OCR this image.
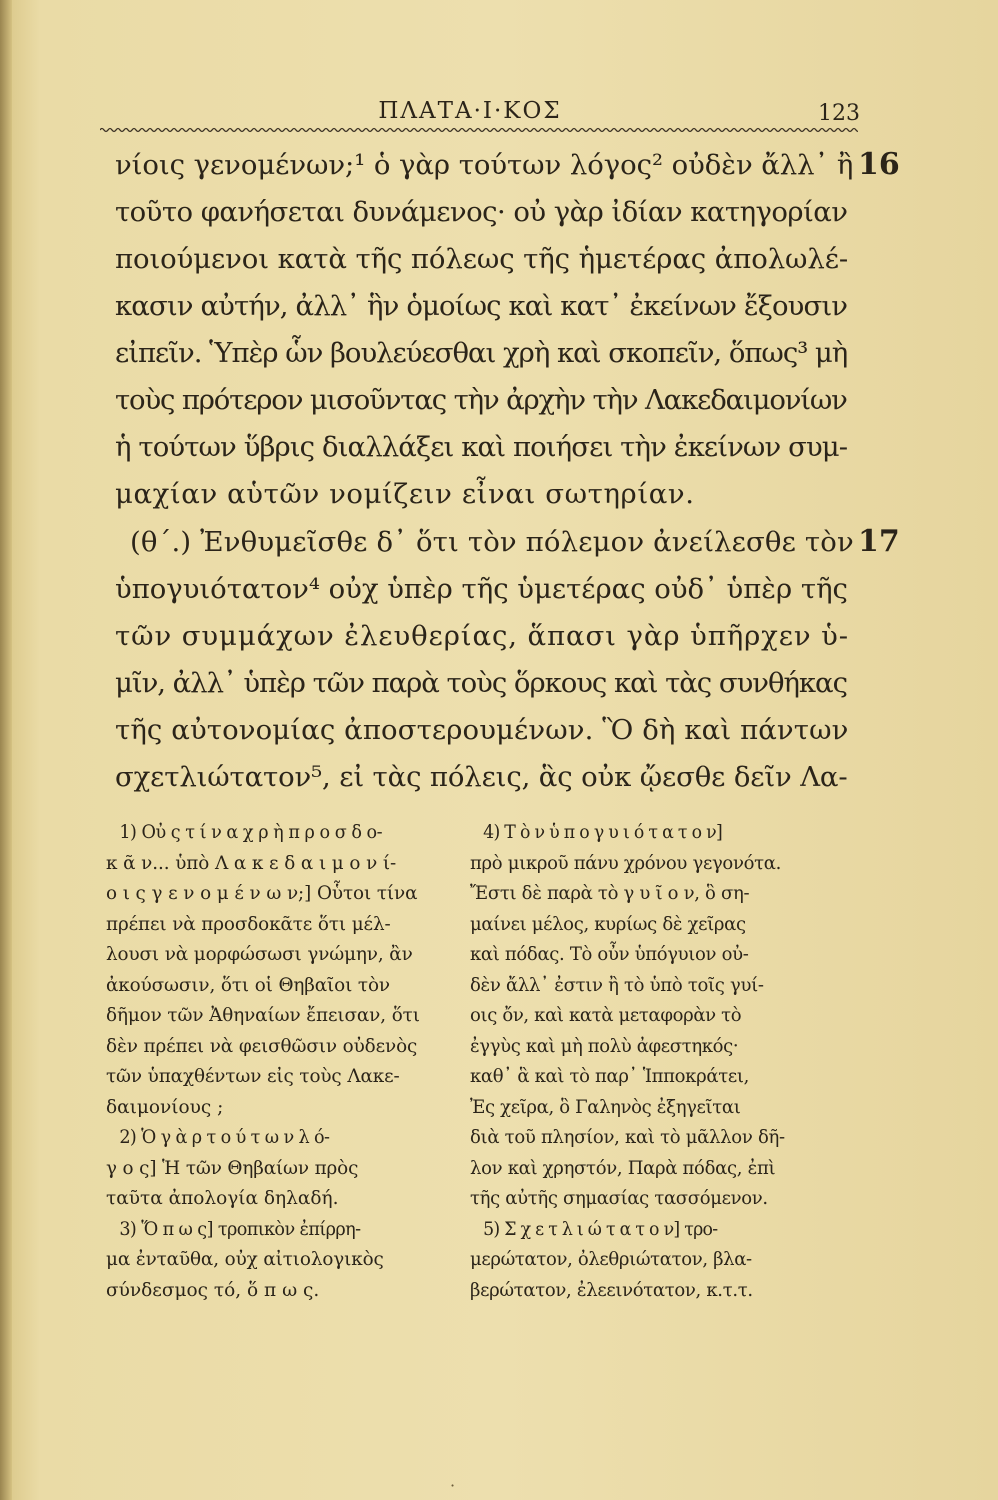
ΠΛΑΤΑ·Ι·ΚΟΣ	123
νίοις γενομένων;¹ ὁ γὰρ τούτων λόγος² οὐδὲν ἄλλ᾽ ἢ
τοῦτο φανήσεται δυνάμενος· οὐ γὰρ ἰδίαν κατηγορίαν
ποιούμενοι κατὰ τῆς πόλεως τῆς ἡμετέρας ἀπολωλέ-
κασιν αὐτήν, ἀλλ᾽ ἣν ὁμοίως καὶ κατ᾽ ἐκείνων ἔξουσιν
εἰπεῖν. Ὑπὲρ ὧν βουλεύεσθαι χρὴ καὶ σκοπεῖν, ὅπως³ μὴ
τοὺς πρότερον μισοῦντας τὴν ἀρχὴν τὴν Λακεδαιμονίων
ἡ τούτων ὕβρις διαλλάξει καὶ ποιήσει τὴν ἐκείνων συμ-
μαχίαν αὑτῶν νομίζειν εἶναι σωτηρίαν.
(θ΄.) Ἐνθυμεῖσθε δ᾽ ὅτι τὸν πόλεμον ἀνείλεσθε τὸν
ὑπογυιότατον⁴ οὐχ ὑπὲρ τῆς ὑμετέρας οὐδ᾽ ὑπὲρ τῆς
τῶν συμμάχων ἐλευθερίας, ἅπασι γὰρ ὑπῆρχεν ὑ-
μῖν, ἀλλ᾽ ὑπὲρ τῶν παρὰ τοὺς ὅρκους καὶ τὰς συνθήκας
τῆς αὐτονομίας ἀποστερουμένων. Ὃ δὴ καὶ πάντων
σχετλιώτατον⁵, εἰ τὰς πόλεις, ἃς οὐκ ᾤεσθε δεῖν Λα-
16
17
1) Οὐ ς τ ί ν α χ ρ ὴ π ρ ο σ δ ο-
κ ᾶ ν... ὑπὸ Λ α κ ε δ α ι μ ο ν ί-
ο ι ς γ ε ν ο μ έ ν ω ν;] Οὗτοι τίνα
πρέπει νὰ προσδοκᾶτε ὅτι μέλ-
λουσι νὰ μορφώσωσι γνώμην, ἂν
ἀκούσωσιν, ὅτι οἱ Θηβαῖοι τὸν
δῆμον τῶν Ἀθηναίων ἔπεισαν, ὅτι
δὲν πρέπει νὰ φεισθῶσιν οὐδενὸς
τῶν ὑπαχθέντων εἰς τοὺς Λακε-
δαιμονίους ;
2) Ὁ γ ὰ ρ τ ο ύ τ ω ν λ ό-
γ ο ς] Ἡ τῶν Θηβαίων πρὸς
ταῦτα ἀπολογία δηλαδή.
3) Ὅ π ω ς] τροπικὸν ἐπίρρη-
μα ἐνταῦθα, οὐχ αἰτιολογικὸς
σύνδεσμος τό, ὅ π ω ς.
4) Τ ὸ ν ὑ π ο γ υ ι ό τ α τ ο ν]
πρὸ μικροῦ πάνυ χρόνου γεγονότα.
Ἔστι δὲ παρὰ τὸ γ υ ῖ ο ν, ὃ ση-
μαίνει μέλος, κυρίως δὲ χεῖρας
καὶ πόδας. Τὸ οὖν ὑπόγυιον οὐ-
δὲν ἄλλ᾽ ἐστιν ἢ τὸ ὑπὸ τοῖς γυί-
οις ὄν, καὶ κατὰ μεταφορὰν τὸ
ἐγγὺς καὶ μὴ πολὺ ἀφεστηκός·
καθ᾽ ἃ καὶ τὸ παρ᾽ Ἱπποκράτει,
Ἐς χεῖρα, ὃ Γαληνὸς ἐξηγεῖται
διὰ τοῦ πλησίον, καὶ τὸ μᾶλλον δῆ-
λον καὶ χρηστόν, Παρὰ πόδας, ἐπὶ
τῆς αὐτῆς σημασίας τασσόμενον.
5) Σ χ ε τ λ ι ώ τ α τ ο ν] τρο-
μερώτατον, ὀλεθριώτατον, βλα-
βερώτατον, ἐλεεινότατον, κ.τ.τ.
·
